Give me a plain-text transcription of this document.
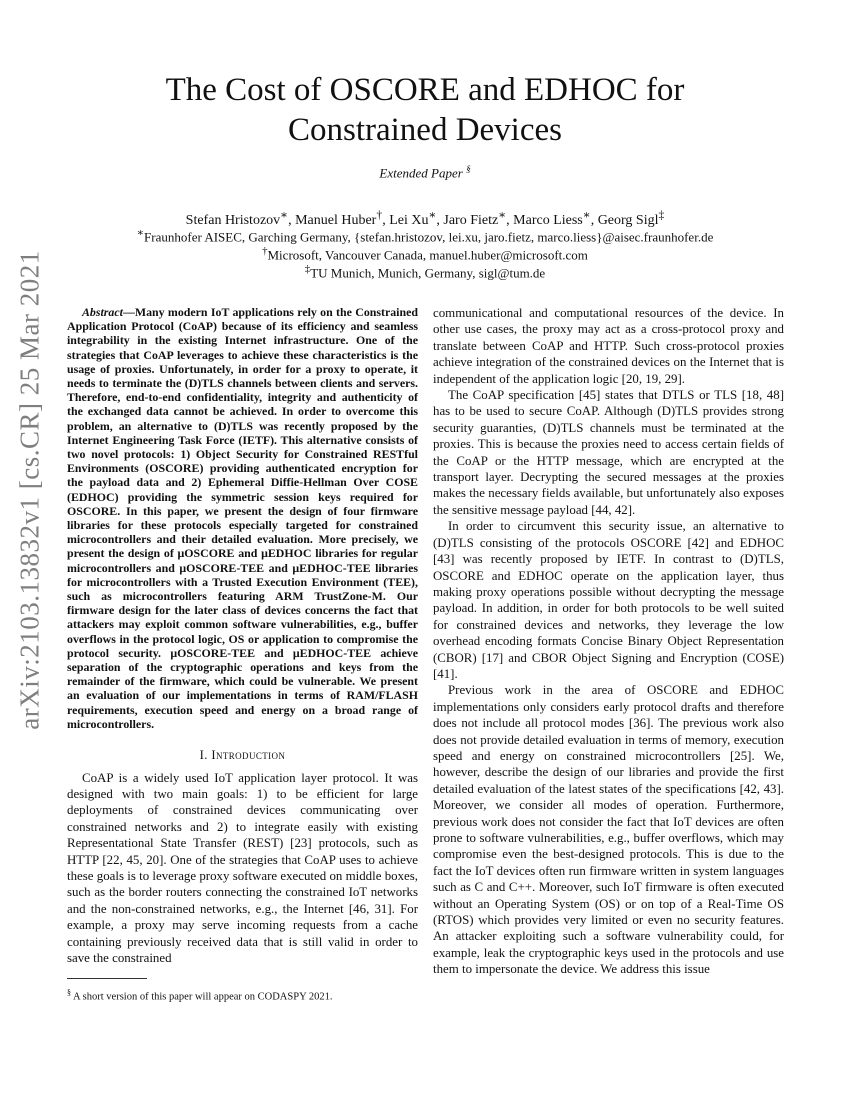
The Cost of OSCORE and EDHOC for
Constrained Devices
Extended Paper §
Stefan Hristozov∗, Manuel Huber†, Lei Xu∗, Jaro Fietz∗, Marco Liess∗, Georg Sigl‡
∗Fraunhofer AISEC, Garching Germany, {stefan.hristozov, lei.xu, jaro.fietz, marco.liess}@aisec.fraunhofer.de
†Microsoft, Vancouver Canada, manuel.huber@microsoft.com
‡TU Munich, Munich, Germany, sigl@tum.de
arXiv:2103.13832v1 [cs.CR] 25 Mar 2021	Abstract—Many modern IoT applications rely on the Constrained Application Protocol (CoAP) because of its efficiency and seamless integrability in the existing Internet infrastructure. One of the strategies that CoAP leverages to achieve these characteristics is the usage of proxies. Unfortunately, in order for a proxy to operate, it needs to terminate the (D)TLS channels between clients and servers. Therefore, end-to-end confidentiality, integrity and authenticity of the exchanged data cannot be achieved. In order to overcome this problem, an alternative to (D)TLS was recently proposed by the Internet Engineering Task Force (IETF). This alternative consists of two novel protocols: 1) Object Security for Constrained RESTful Environments (OSCORE) providing authenticated encryption for the payload data and 2) Ephemeral Diffie-Hellman Over COSE (EDHOC) providing the symmetric session keys required for OSCORE. In this paper, we present the design of four firmware libraries for these protocols especially targeted for constrained microcontrollers and their detailed evaluation. More precisely, we present the design of μOSCORE and μEDHOC libraries for regular microcontrollers and μOSCORE-TEE and μEDHOC-TEE libraries for microcontrollers with a Trusted Execution Environment (TEE), such as microcontrollers featuring ARM TrustZone-M. Our firmware design for the later class of devices concerns the fact that attackers may exploit common software vulnerabilities, e.g., buffer overflows in the protocol logic, OS or application to compromise the protocol security. μOSCORE-TEE and μEDHOC-TEE achieve separation of the cryptographic operations and keys from the remainder of the firmware, which could be vulnerable. We present an evaluation of our implementations in terms of RAM/FLASH requirements, execution speed and energy on a broad range of microcontrollers.
I. Introduction

CoAP is a widely used IoT application layer protocol. It was designed with two main goals: 1) to be efficient for large deployments of constrained devices communicating over constrained networks and 2) to integrate easily with existing Representational State Transfer (REST) [23] protocols, such as HTTP [22, 45, 20]. One of the strategies that CoAP uses to achieve these goals is to leverage proxy software executed on middle boxes, such as the border routers connecting the constrained IoT networks and the non-constrained networks, e.g., the Internet [46, 31]. For example, a proxy may serve incoming requests from a cache containing previously received data that is still valid in order to save the constrained

§ A short version of this paper will appear on CODASPY 2021.

communicational and computational resources of the device. In other use cases, the proxy may act as a cross-protocol proxy and translate between CoAP and HTTP. Such cross-protocol proxies achieve integration of the constrained devices on the Internet that is independent of the application logic [20, 19, 29].

The CoAP specification [45] states that DTLS or TLS [18, 48] has to be used to secure CoAP. Although (D)TLS provides strong security guaranties, (D)TLS channels must be terminated at the proxies. This is because the proxies need to access certain fields of the CoAP or the HTTP message, which are encrypted at the transport layer. Decrypting the secured messages at the proxies makes the necessary fields available, but unfortunately also exposes the sensitive message payload [44, 42].

In order to circumvent this security issue, an alternative to (D)TLS consisting of the protocols OSCORE [42] and EDHOC [43] was recently proposed by IETF. In contrast to (D)TLS, OSCORE and EDHOC operate on the application layer, thus making proxy operations possible without decrypting the message payload. In addition, in order for both protocols to be well suited for constrained devices and networks, they leverage the low overhead encoding formats Concise Binary Object Representation (CBOR) [17] and CBOR Object Signing and Encryption (COSE) [41].

Previous work in the area of OSCORE and EDHOC implementations only considers early protocol drafts and therefore does not include all protocol modes [36]. The previous work also does not provide detailed evaluation in terms of memory, execution speed and energy on constrained microcontrollers [25]. We, however, describe the design of our libraries and provide the first detailed evaluation of the latest states of the specifications [42, 43]. Moreover, we consider all modes of operation. Furthermore, previous work does not consider the fact that IoT devices are often prone to software vulnerabilities, e.g., buffer overflows, which may compromise even the best-designed protocols. This is due to the fact the IoT devices often run firmware written in system languages such as C and C++. Moreover, such IoT firmware is often executed without an Operating System (OS) or on top of a Real-Time OS (RTOS) which provides very limited or even no security features. An attacker exploiting such a software vulnerability could, for example, leak the cryptographic keys used in the protocols and use them to impersonate the device. We address this issue
